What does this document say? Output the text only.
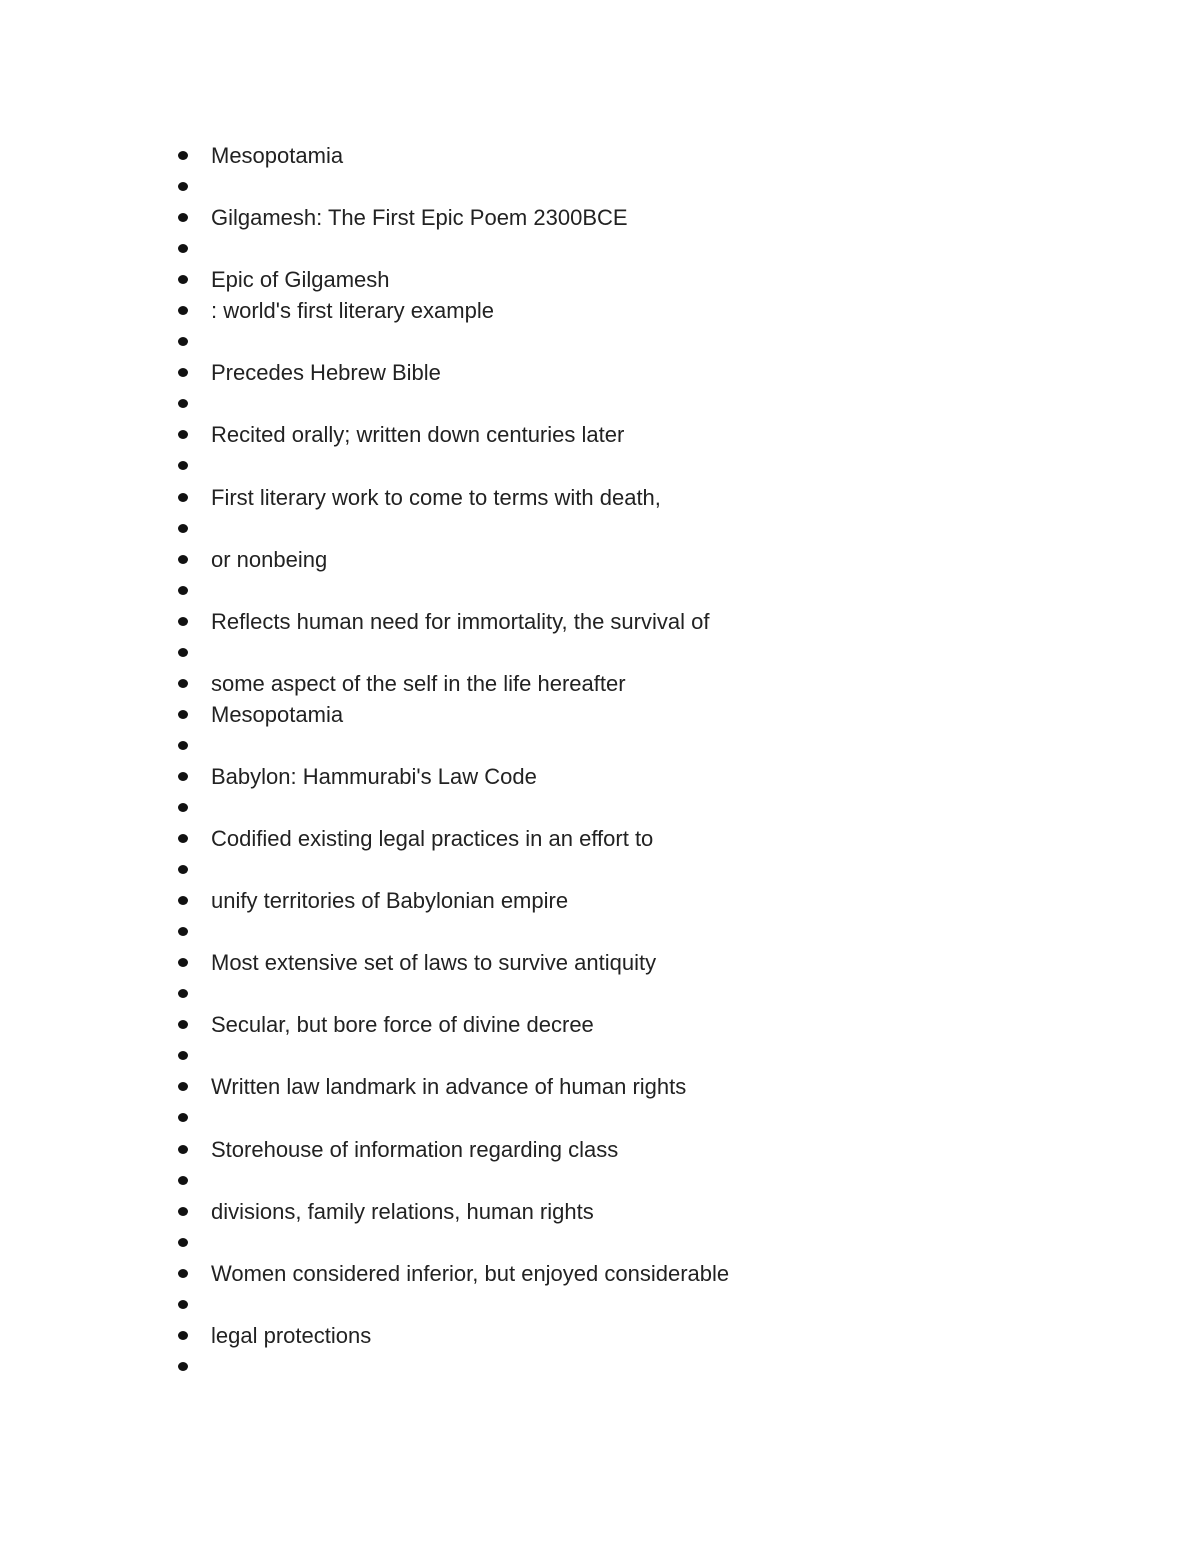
Mesopotamia
Gilgamesh: The First Epic Poem 2300BCE
Epic of Gilgamesh
: world's first literary example
Precedes Hebrew Bible
Recited orally; written down centuries later
First literary work to come to terms with death,
or nonbeing
Reflects human need for immortality, the survival of
some aspect of the self in the life hereafter
Mesopotamia
Babylon: Hammurabi's Law Code
Codified existing legal practices in an effort to
unify territories of Babylonian empire
Most extensive set of laws to survive antiquity
Secular, but bore force of divine decree
Written law landmark in advance of human rights
Storehouse of information regarding class
divisions, family relations, human rights
Women considered inferior, but enjoyed considerable
legal protections
